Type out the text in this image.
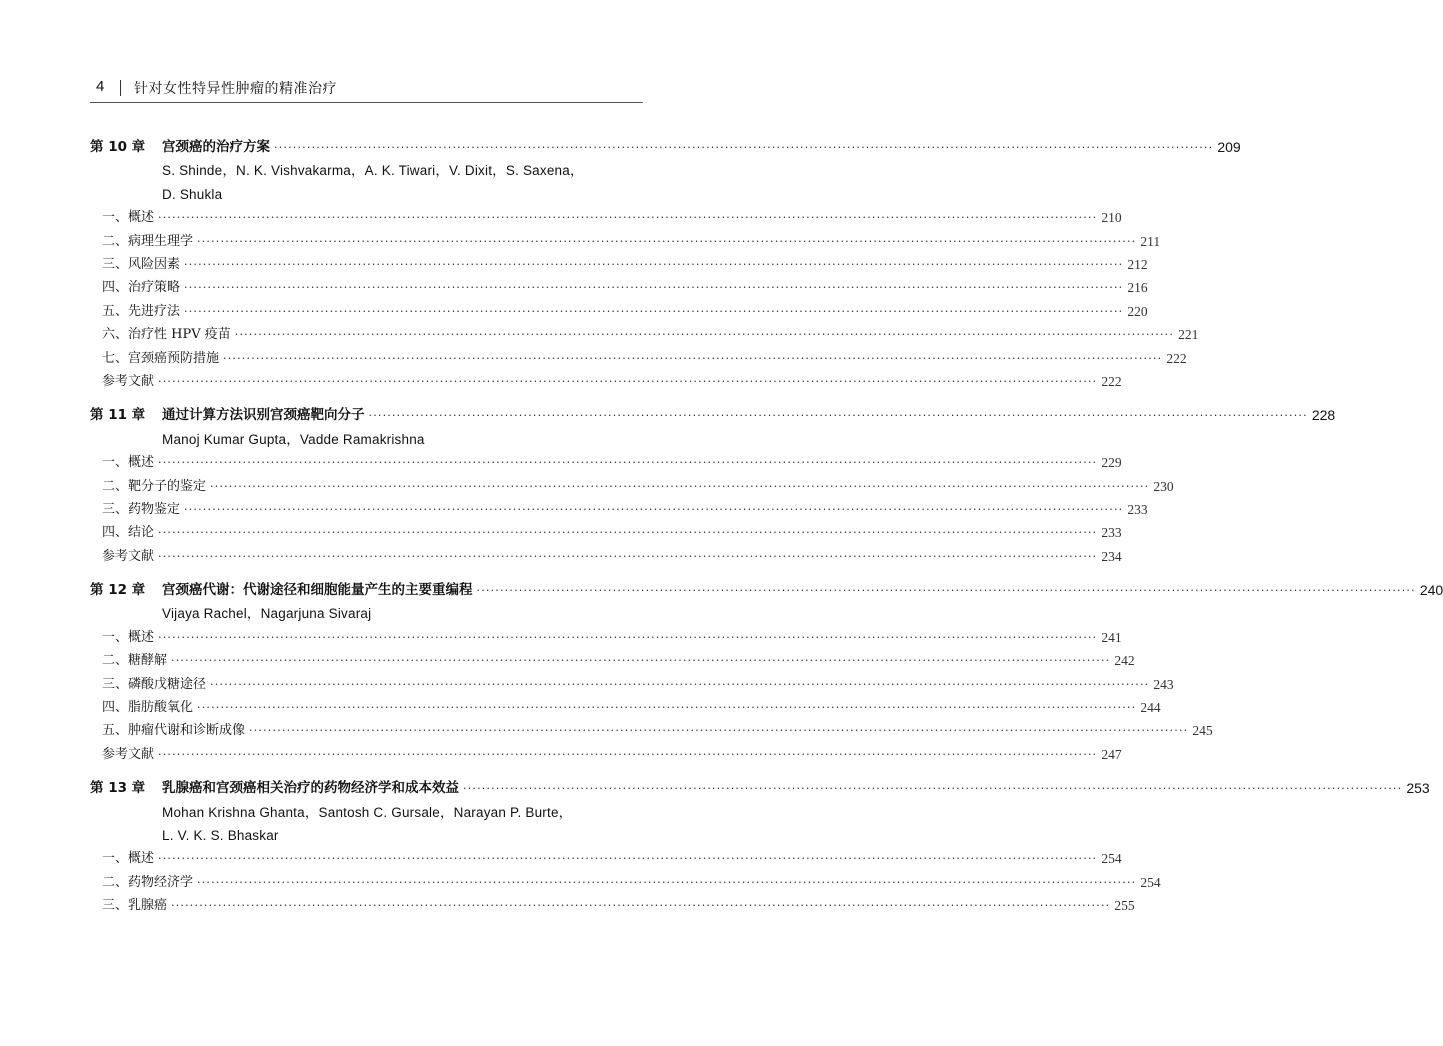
4 针对女性特异性肿瘤的精准治疗
第 10 章	宫颈癌的治疗方案 ········································································································································································································ 209
S. Shinde，N. K. Vishvakarma，A. K. Tiwari，V. Dixit，S. Saxena，
D. Shukla
一、概述 ········································································································································································································ 210
二、病理生理学 ········································································································································································································ 211
三、风险因素 ········································································································································································································ 212
四、治疗策略 ········································································································································································································ 216
五、先进疗法 ········································································································································································································ 220
六、治疗性 HPV 疫苗 ········································································································································································································ 221
七、宫颈癌预防措施 ········································································································································································································ 222
参考文献 ········································································································································································································ 222
第 11 章	通过计算方法识别宫颈癌靶向分子 ········································································································································································································ 228
Manoj Kumar Gupta，Vadde Ramakrishna
一、概述 ········································································································································································································ 229
二、靶分子的鉴定 ········································································································································································································ 230
三、药物鉴定 ········································································································································································································ 233
四、结论 ········································································································································································································ 233
参考文献 ········································································································································································································ 234
第 12 章	宫颈癌代谢：代谢途径和细胞能量产生的主要重编程 ········································································································································································································ 240
Vijaya Rachel，Nagarjuna Sivaraj
一、概述 ········································································································································································································ 241
二、糖酵解 ········································································································································································································ 242
三、磷酸戊糖途径 ········································································································································································································ 243
四、脂肪酸氧化 ········································································································································································································ 244
五、肿瘤代谢和诊断成像 ········································································································································································································ 245
参考文献 ········································································································································································································ 247
第 13 章	乳腺癌和宫颈癌相关治疗的药物经济学和成本效益 ········································································································································································································ 253
Mohan Krishna Ghanta，Santosh C. Gursale，Narayan P. Burte，
L. V. K. S. Bhaskar
一、概述 ········································································································································································································ 254
二、药物经济学 ········································································································································································································ 254
三、乳腺癌 ········································································································································································································ 255
